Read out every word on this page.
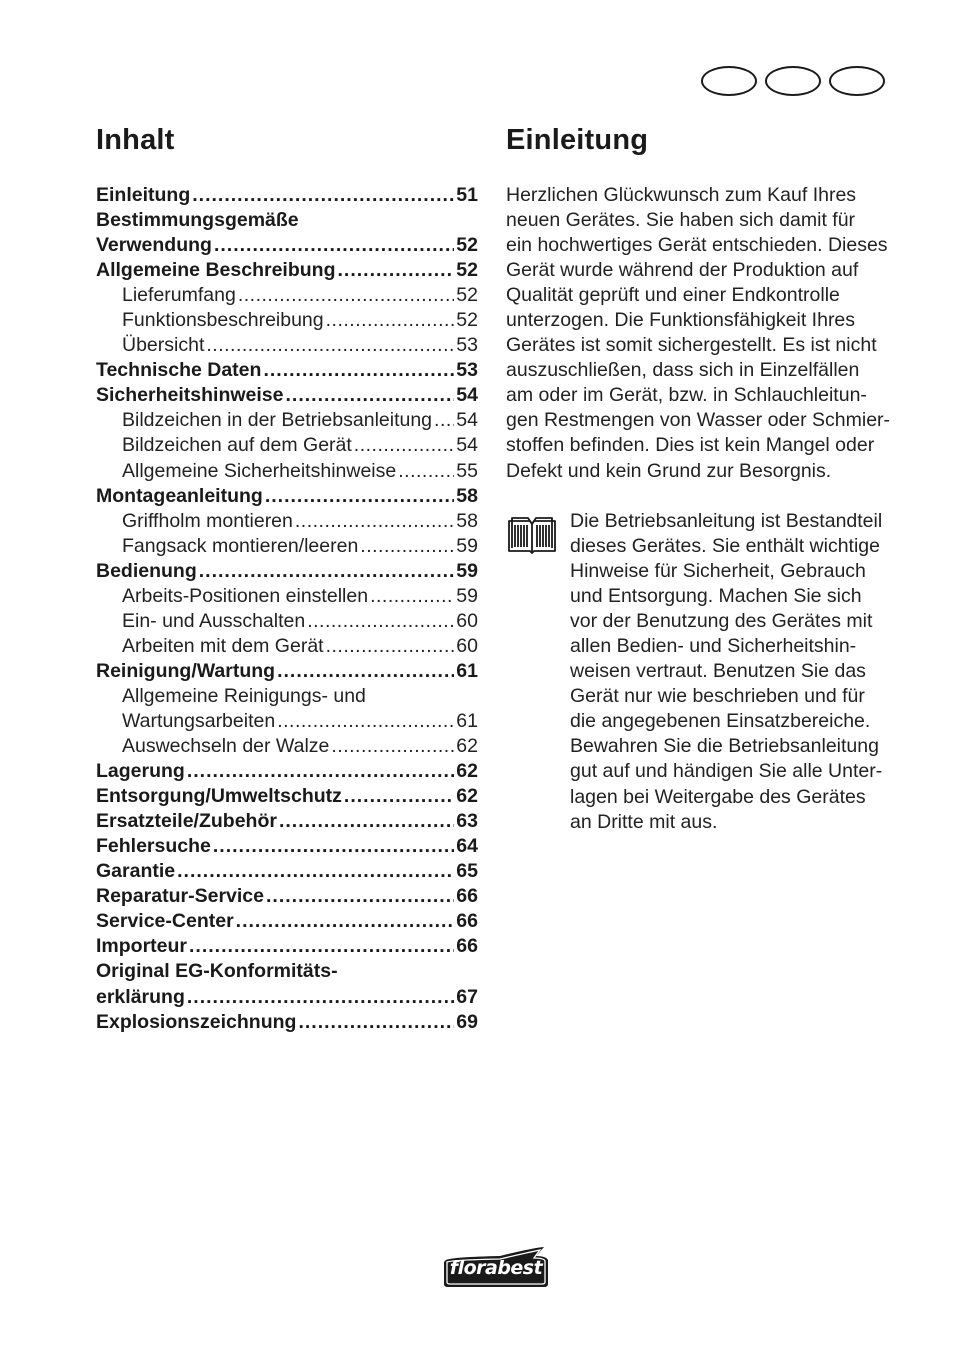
Inhalt
Einleitung .....	51
Bestimmungsgemäße
Verwendung .....	52
Allgemeine Beschreibung .....	52
Lieferumfang .....	52
Funktionsbeschreibung .....	52
Übersicht .....	53
Technische Daten .....	53
Sicherheitshinweise .....	54
Bildzeichen in der Betriebsanleitung ..... 54
Bildzeichen auf dem Gerät .....	54
Allgemeine Sicherheitshinweise .....	55
Montageanleitung .....	58
Griffholm montieren .....	58
Fangsack montieren/leeren .....	59
Bedienung .....	59
Arbeits-Positionen einstellen .....	59
Ein- und Ausschalten .....	60
Arbeiten mit dem Gerät .....	60
Reinigung/Wartung .....	61
Allgemeine Reinigungs- und
Wartungsarbeiten .....	61
Auswechseln der Walze .....	62
Lagerung .....	62
Entsorgung/Umweltschutz .....	62
Ersatzteile/Zubehör .....	63
Fehlersuche .....	64
Garantie .....	65
Reparatur-Service .....	66
Service-Center .....	66
Importeur .....	66
Original EG-Konformitäts-
erklärung .....	67
Explosionszeichnung .....	69
Einleitung
Herzlichen Glückwunsch zum Kauf Ihres
neuen Gerätes. Sie haben sich damit für
ein hochwertiges Gerät entschieden. Dieses
Gerät wurde während der Produktion auf
Qualität geprüft und einer Endkontrolle
unterzogen. Die Funktionsfähigkeit Ihres
Gerätes ist somit sichergestellt. Es ist nicht
auszuschließen, dass sich in Einzelfällen
am oder im Gerät, bzw. in Schlauchleitun-
gen Restmengen von Wasser oder Schmier-
stoffen befinden. Dies ist kein Mangel oder
Defekt und kein Grund zur Besorgnis.
Die Betriebsanleitung ist Bestandteil
dieses Gerätes. Sie enthält wichtige
Hinweise für Sicherheit, Gebrauch
und Entsorgung. Machen Sie sich
vor der Benutzung des Gerätes mit
allen Bedien- und Sicherheitshin-
weisen vertraut. Benutzen Sie das
Gerät nur wie beschrieben und für
die angegebenen Einsatzbereiche.
Bewahren Sie die Betriebsanleitung
gut auf und händigen Sie alle Unter-
lagen bei Weitergabe des Gerätes
an Dritte mit aus.
florabest
